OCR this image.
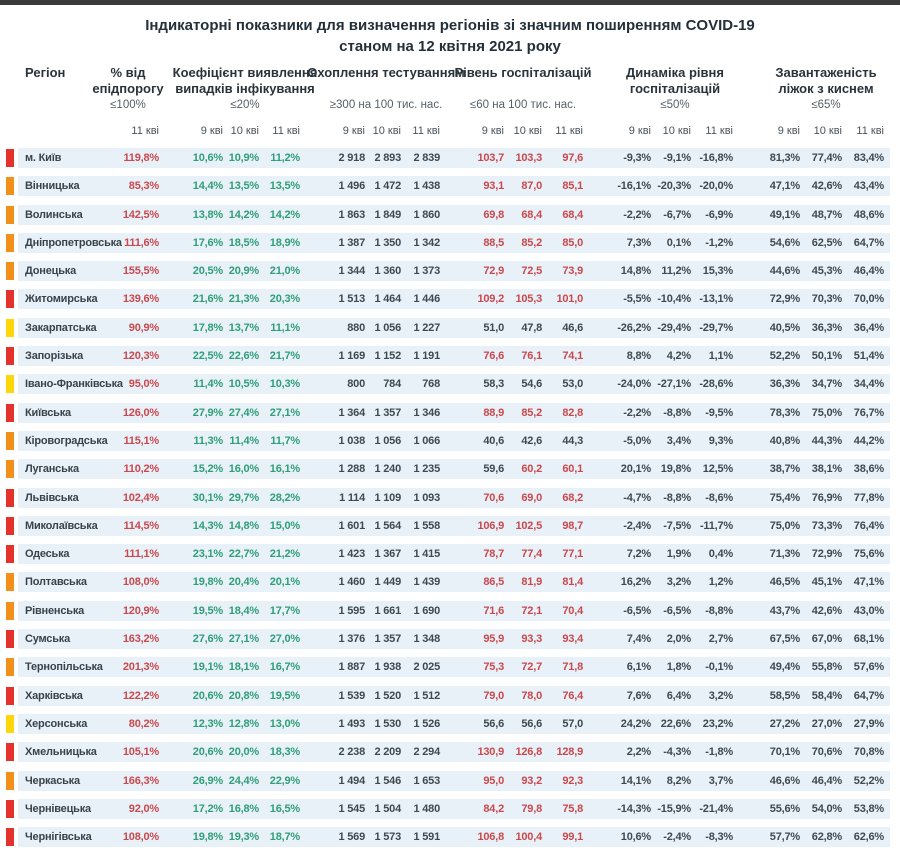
Індикаторні показники для визначення регіонів зі значним поширенням COVID-19
станом на 12 квітня 2021 року
Регіон	% від епідпорогу
≤100%
Коефіцієнт виявлення випадків інфікування
≤20%
Охоплення тестуванням
≥300 на 100 тис. нас.
Рівень госпіталізацій
≤60 на 100 тис. нас.
Динаміка рівня госпіталізацій
≤50%
Завантаженість ліжок з киснем
≤65%
11 кві	9 кві 10 кві	11 кві	9 кві 10 кві	11 кві	9 кві 10 кві	11 кві	9 кві	10 кві	11 кві	9 кві	10 кві	11 кві
м. Київ	119,8%	10,6% 10,9%	11,2%	2 918 2 893	2 839	103,7	103,3	97,6	-9,3%	-9,1% -16,8%	81,3%	77,4%	83,4%
Вінницька	85,3%	14,4% 13,5% 13,5%	1 496 1 472	1 438	93,1	87,0	85,1	-16,1% -20,3% -20,0%	47,1%	42,6%	43,4%
Волинська	142,5%	13,8% 14,2% 14,2%	1 863 1 849	1 860	69,8	68,4	68,4	-2,2%	-6,7%	-6,9%	49,1%	48,7%	48,6%
Дніпропетровська 111,6%	17,6% 18,5% 18,9%	1 387 1 350	1 342	88,5	85,2	85,0	7,3%	0,1%	-1,2%	54,6%	62,5%	64,7%
Донецька	155,5%	20,5% 20,9% 21,0%	1 344 1 360	1 373	72,9	72,5	73,9	14,8% 11,2%	15,3%	44,6%	45,3%	46,4%
Житомирська	139,6%	21,6% 21,3% 20,3%	1 513 1 464	1 446	109,2	105,3	101,0	-5,5% -10,4% -13,1%	72,9%	70,3%	70,0%
Закарпатська	90,9%	17,8% 13,7%	11,1%	880 1 056	1 227	51,0	47,8	46,6	-26,2% -29,4% -29,7%	40,5%	36,3%	36,4%
Запорізька	120,3%	22,5% 22,6% 21,7%	1 169 1 152	1 191	76,6	76,1	74,1	8,8%	4,2%	1,1%	52,2%	50,1%	51,4%
Івано-Франківська 95,0%	11,4% 10,5% 10,3%	800	784	768	58,3	54,6	53,0	-24,0% -27,1% -28,6%	36,3%	34,7%	34,4%
Київська	126,0%	27,9% 27,4% 27,1%	1 364 1 357	1 346	88,9	85,2	82,8	-2,2%	-8,8%	-9,5%	78,3%	75,0%	76,7%
Кіровоградська	115,1%	11,3% 11,4%	11,7%	1 038 1 056	1 066	40,6	42,6	44,3	-5,0%	3,4%	9,3%	40,8%	44,3%	44,2%
Луганська	110,2%	15,2% 16,0% 16,1%	1 288 1 240	1 235	59,6	60,2	60,1	20,1% 19,8%	12,5%	38,7%	38,1%	38,6%
Львівська	102,4%	30,1% 29,7% 28,2%	1 114 1 109	1 093	70,6	69,0	68,2	-4,7%	-8,8%	-8,6%	75,4%	76,9%	77,8%
Миколаївська	114,5%	14,3% 14,8% 15,0%	1 601 1 564	1 558	106,9	102,5	98,7	-2,4%	-7,5% -11,7%	75,0%	73,3%	76,4%
Одеська	111,1%	23,1% 22,7% 21,2%	1 423 1 367	1 415	78,7	77,4	77,1	7,2%	1,9%	0,4%	71,3%	72,9%	75,6%
Полтавська	108,0%	19,8% 20,4% 20,1%	1 460 1 449	1 439	86,5	81,9	81,4	16,2%	3,2%	1,2%	46,5%	45,1%	47,1%
Рівненська	120,9%	19,5% 18,4% 17,7%	1 595 1 661	1 690	71,6	72,1	70,4	-6,5%	-6,5%	-8,8%	43,7%	42,6%	43,0%
Сумська	163,2%	27,6% 27,1% 27,0%	1 376 1 357	1 348	95,9	93,3	93,4	7,4%	2,0%	2,7%	67,5%	67,0%	68,1%
Тернопільська	201,3%	19,1% 18,1% 16,7%	1 887 1 938	2 025	75,3	72,7	71,8	6,1%	1,8%	-0,1%	49,4%	55,8%	57,6%
Харківська	122,2%	20,6% 20,8% 19,5%	1 539 1 520	1 512	79,0	78,0	76,4	7,6%	6,4%	3,2%	58,5%	58,4%	64,7%
Херсонська	80,2%	12,3% 12,8% 13,0%	1 493 1 530	1 526	56,6	56,6	57,0	24,2% 22,6%	23,2%	27,2%	27,0%	27,9%
Хмельницька	105,1%	20,6% 20,0% 18,3%	2 238 2 209	2 294	130,9	126,8	128,9	2,2%	-4,3%	-1,8%	70,1%	70,6%	70,8%
Черкаська	166,3%	26,9% 24,4% 22,9%	1 494 1 546	1 653	95,0	93,2	92,3	14,1%	8,2%	3,7%	46,6%	46,4%	52,2%
Чернівецька	92,0%	17,2% 16,8% 16,5%	1 545 1 504	1 480	84,2	79,8	75,8	-14,3% -15,9% -21,4%	55,6%	54,0%	53,8%
Чернігівська	108,0%	19,8% 19,3% 18,7%	1 569 1 573	1 591	106,8	100,4	99,1	10,6%	-2,4%	-8,3%	57,7%	62,8%	62,6%
